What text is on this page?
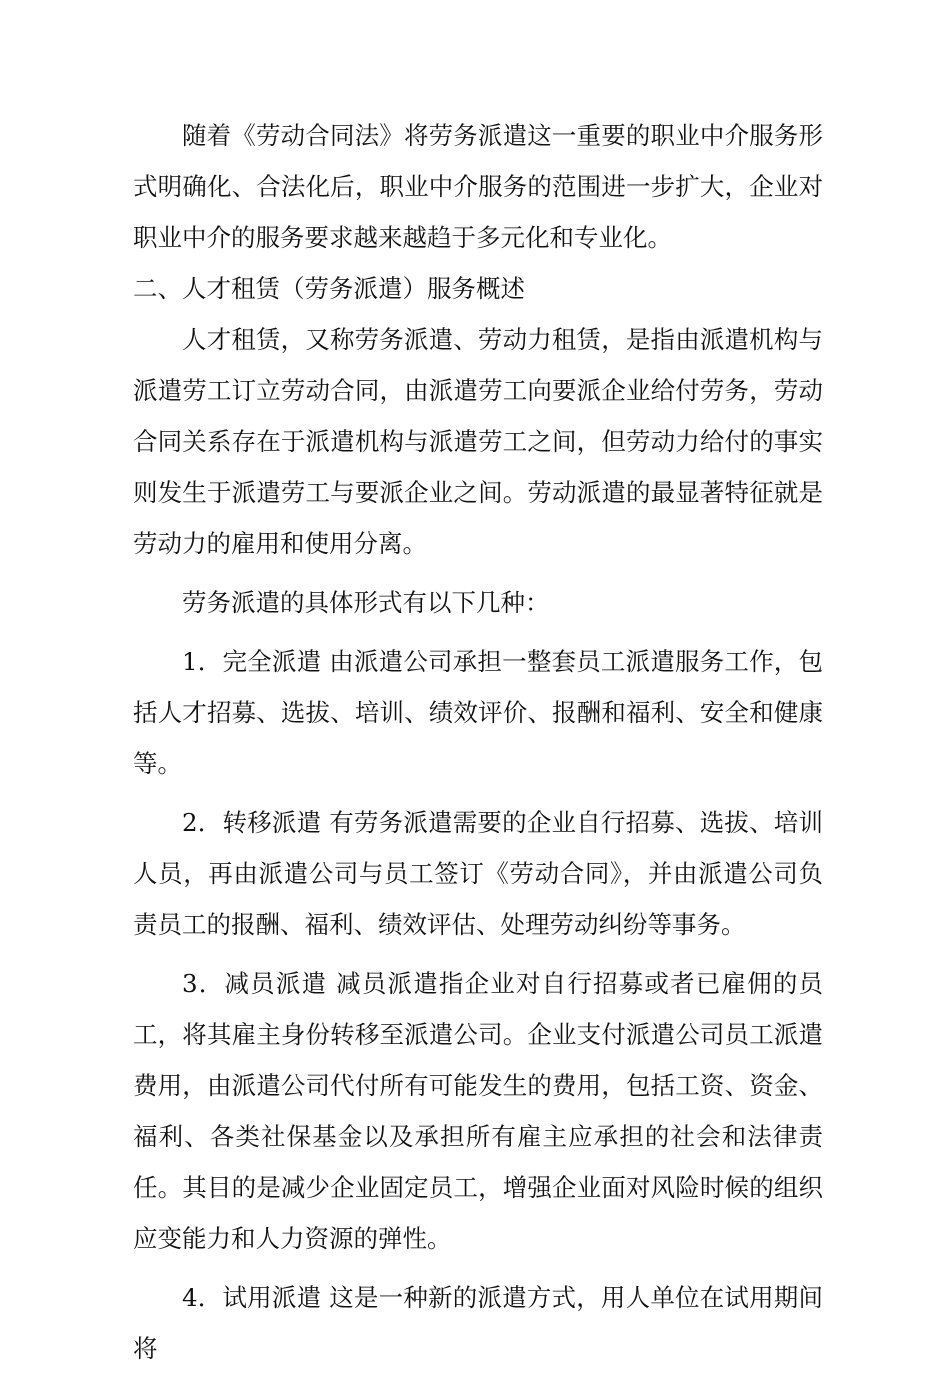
随着《劳动合同法》将劳务派遣这一重要的职业中介服务形式明确化、合法化后，职业中介服务的范围进一步扩大，企业对职业中介的服务要求越来越趋于多元化和专业化。

二、人才租赁（劳务派遣）服务概述

人才租赁，又称劳务派遣、劳动力租赁，是指由派遣机构与派遣劳工订立劳动合同，由派遣劳工向要派企业给付劳务，劳动合同关系存在于派遣机构与派遣劳工之间，但劳动力给付的事实则发生于派遣劳工与要派企业之间。劳动派遣的最显著特征就是劳动力的雇用和使用分离。

劳务派遣的具体形式有以下几种：

1．完全派遣 由派遣公司承担一整套员工派遣服务工作，包括人才招募、选拔、培训、绩效评价、报酬和福利、安全和健康等。

2．转移派遣 有劳务派遣需要的企业自行招募、选拔、培训人员，再由派遣公司与员工签订《劳动合同》，并由派遣公司负责员工的报酬、福利、绩效评估、处理劳动纠纷等事务。

3．减员派遣 减员派遣指企业对自行招募或者已雇佣的员工，将其雇主身份转移至派遣公司。企业支付派遣公司员工派遣费用，由派遣公司代付所有可能发生的费用，包括工资、资金、福利、各类社保基金以及承担所有雇主应承担的社会和法律责任。其目的是减少企业固定员工，增强企业面对风险时候的组织应变能力和人力资源的弹性。

4．试用派遣 这是一种新的派遣方式，用人单位在试用期间将
